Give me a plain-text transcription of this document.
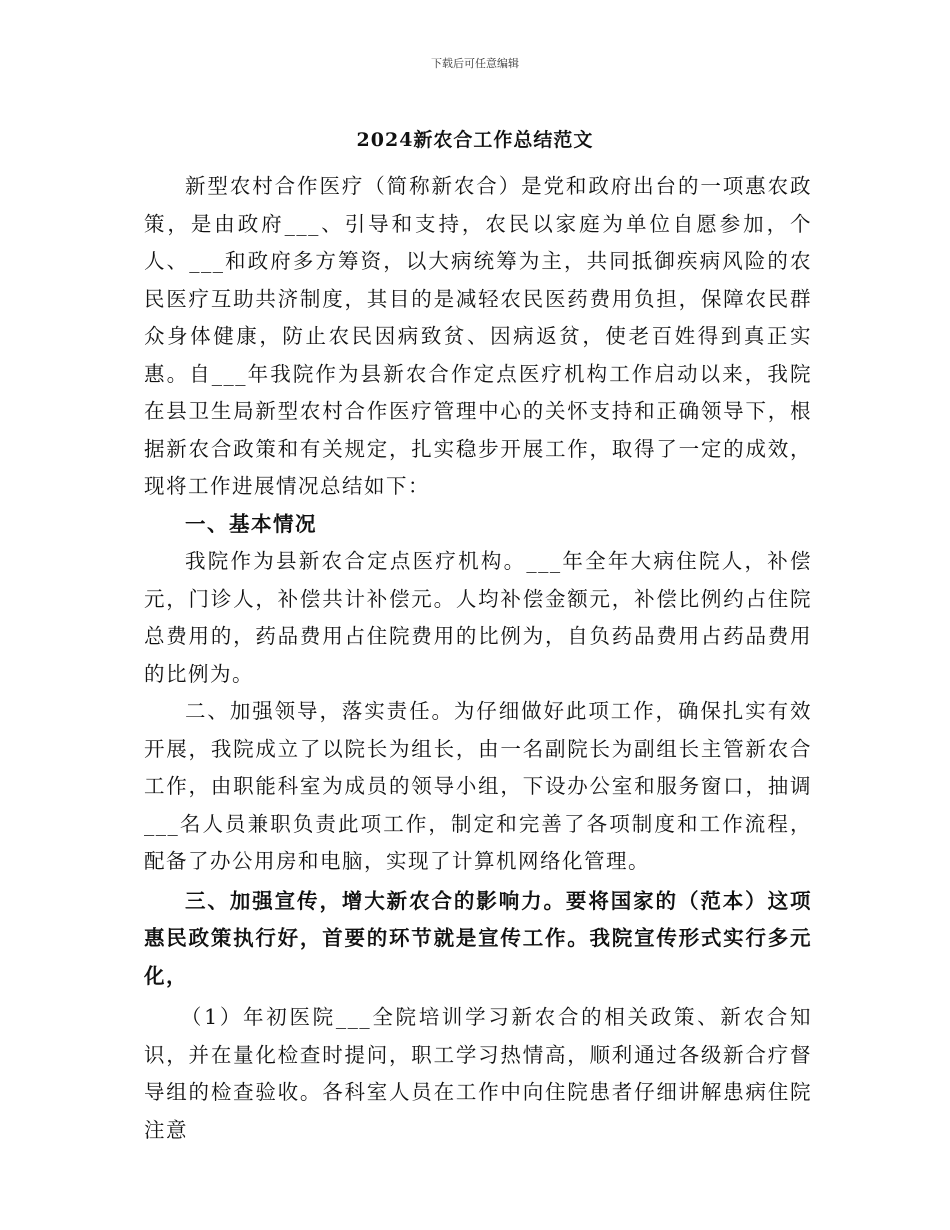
下载后可任意编辑
2024新农合工作总结范文

新型农村合作医疗（简称新农合）是党和政府出台的一项惠农政策，是由政府___、引导和支持，农民以家庭为单位自愿参加，个人、___和政府多方筹资，以大病统筹为主，共同抵御疾病风险的农民医疗互助共济制度，其目的是减轻农民医药费用负担，保障农民群众身体健康，防止农民因病致贫、因病返贫，使老百姓得到真正实惠。自___年我院作为县新农合作定点医疗机构工作启动以来，我院在县卫生局新型农村合作医疗管理中心的关怀支持和正确领导下，根据新农合政策和有关规定，扎实稳步开展工作，取得了一定的成效，现将工作进展情况总结如下：

一、基本情况

我院作为县新农合定点医疗机构。___年全年大病住院人，补偿元，门诊人，补偿共计补偿元。人均补偿金额元，补偿比例约占住院总费用的，药品费用占住院费用的比例为，自负药品费用占药品费用的比例为。

二、加强领导，落实责任。为仔细做好此项工作，确保扎实有效开展，我院成立了以院长为组长，由一名副院长为副组长主管新农合工作，由职能科室为成员的领导小组，下设办公室和服务窗口，抽调___名人员兼职负责此项工作，制定和完善了各项制度和工作流程，配备了办公用房和电脑，实现了计算机网络化管理。

三、加强宣传，增大新农合的影响力。要将国家的（范本）这项惠民政策执行好，首要的环节就是宣传工作。我院宣传形式实行多元化，

（1）年初医院___全院培训学习新农合的相关政策、新农合知识，并在量化检查时提问，职工学习热情高，顺利通过各级新合疗督导组的检查验收。各科室人员在工作中向住院患者仔细讲解患病住院注意
